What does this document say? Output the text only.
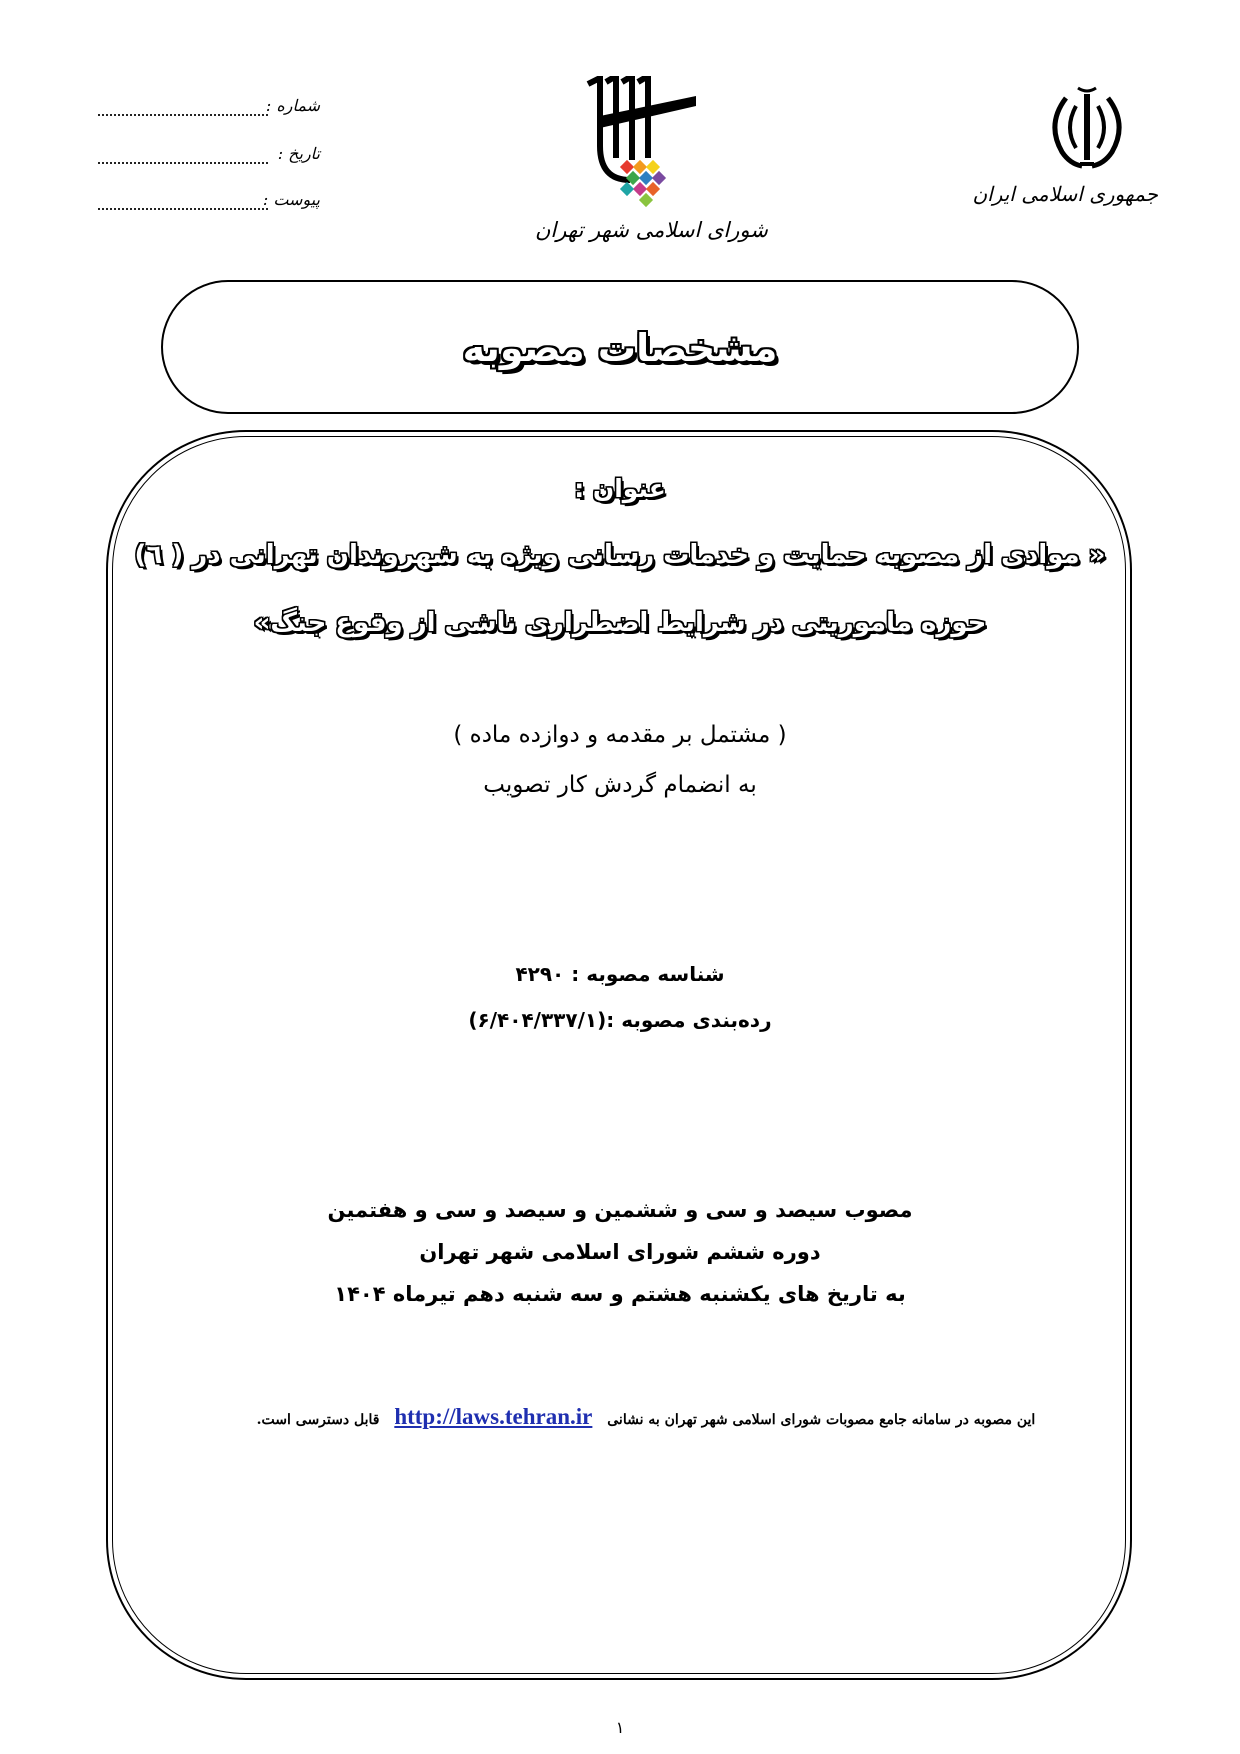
شماره :
تاریخ :
پیوست :
شورای اسلامی شهر تهران
جمهوری اسلامی ایران
مشخصات مصوبه
عنوان :
« موادی از مصوبه حمایت و خدمات رسانی ویژه به شهروندان تهرانی در ( ٦)
حوزه ماموریتی در شرایط اضطراری ناشی از وقوع جنگ»
( مشتمل بر مقدمه و دوازده ماده )
به انضمام گردش کار تصویب
شناسه مصوبه : ۴۲۹۰
رده‌بندی مصوبه :(۶/۴۰۴/۳۳۷/۱)
مصوب سیصد و سی و ششمین و سیصد و سی و هفتمین
دوره ششم شورای اسلامی شهر تهران
به تاریخ های یکشنبه هشتم و سه شنبه دهم تیرماه ۱۴۰۴
این مصوبه در سامانه جامع مصوبات شورای اسلامی شهر تهران به نشانی http://laws.tehran.ir قابل دسترسی است.
١
